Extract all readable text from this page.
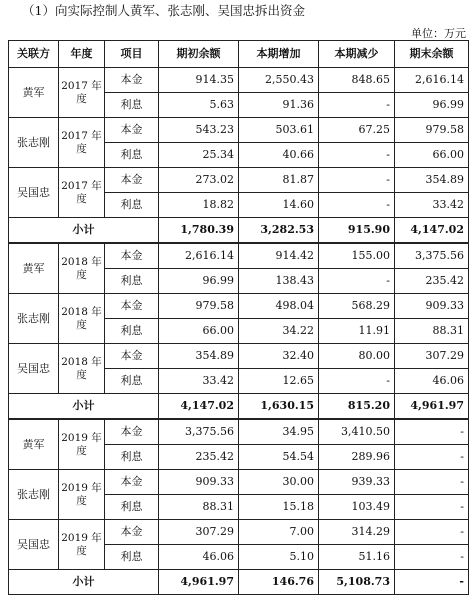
（1）向实际控制人黄军、张志刚、吴国忠拆出资金
单位：万元
关联方	年度	项目	期初余额	本期增加	本期减少	期末余额
黄军	2017 年度	本金	914.35	2,550.43	848.65	2,616.14
		利息	5.63	91.36	-	96.99
张志刚	2017 年度	本金	543.23	503.61	67.25	979.58
		利息	25.34	40.66	-	66.00
吴国忠	2017 年度	本金	273.02	81.87	-	354.89
		利息	18.82	14.60	-	33.42
小计			1,780.39	3,282.53	915.90	4,147.02
黄军	2018 年度	本金	2,616.14	914.42	155.00	3,375.56
		利息	96.99	138.43	-	235.42
张志刚	2018 年度	本金	979.58	498.04	568.29	909.33
		利息	66.00	34.22	11.91	88.31
吴国忠	2018 年度	本金	354.89	32.40	80.00	307.29
		利息	33.42	12.65	-	46.06
小计			4,147.02	1,630.15	815.20	4,961.97
黄军	2019 年度	本金	3,375.56	34.95	3,410.50	-
		利息	235.42	54.54	289.96	-
张志刚	2019 年度	本金	909.33	30.00	939.33	-
		利息	88.31	15.18	103.49	-
吴国忠	2019 年度	本金	307.29	7.00	314.29	-
		利息	46.06	5.10	51.16	-
小计			4,961.97	146.76	5,108.73	-
